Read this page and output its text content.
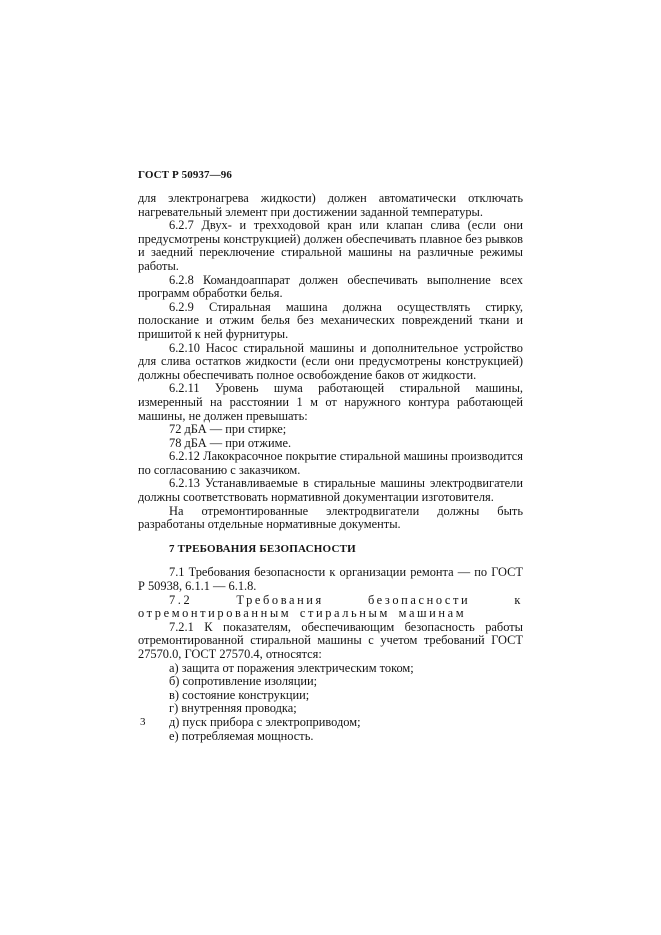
ГОСТ Р 50937—96

для электронагрева жидкости) должен автоматически отключать нагревательный элемент при достижении заданной температуры.

6.2.7 Двух- и трехходовой кран или клапан слива (если они предусмотрены конструкцией) должен обеспечивать плавное без рывков и заедний переключение стиральной машины на различные режимы работы.

6.2.8 Командоаппарат должен обеспечивать выполнение всех программ обработки белья.

6.2.9 Стиральная машина должна осуществлять стирку, полоскание и отжим белья без механических повреждений ткани и пришитой к ней фурнитуры.

6.2.10 Насос стиральной машины и дополнительное устройство для слива остатков жидкости (если они предусмотрены конструкцией) должны обеспечивать полное освобождение баков от жидкости.

6.2.11 Уровень шума работающей стиральной машины, измеренный на расстоянии 1 м от наружного контура работающей машины, не должен превышать:

72 дБА — при стирке;

78 дБА — при отжиме.

6.2.12 Лакокрасочное покрытие стиральной машины производится по согласованию с заказчиком.

6.2.13 Устанавливаемые в стиральные машины электродвигатели должны соответствовать нормативной документации изготовителя.

На отремонтированные электродвигатели должны быть разработаны отдельные нормативные документы.

7 ТРЕБОВАНИЯ БЕЗОПАСНОСТИ

7.1 Требования безопасности к организации ремонта — по ГОСТ Р 50938, 6.1.1 — 6.1.8.

7.2 Требования безопасности к отремонтированным стиральным машинам

7.2.1 К показателям, обеспечивающим безопасность работы отремонтированной стиральной машины с учетом требований ГОСТ 27570.0, ГОСТ 27570.4, относятся:

а) защита от поражения электрическим током;

б) сопротивление изоляции;

в) состояние конструкции;

г) внутренняя проводка;

д) пуск прибора с электроприводом;

е) потребляемая мощность.

3
